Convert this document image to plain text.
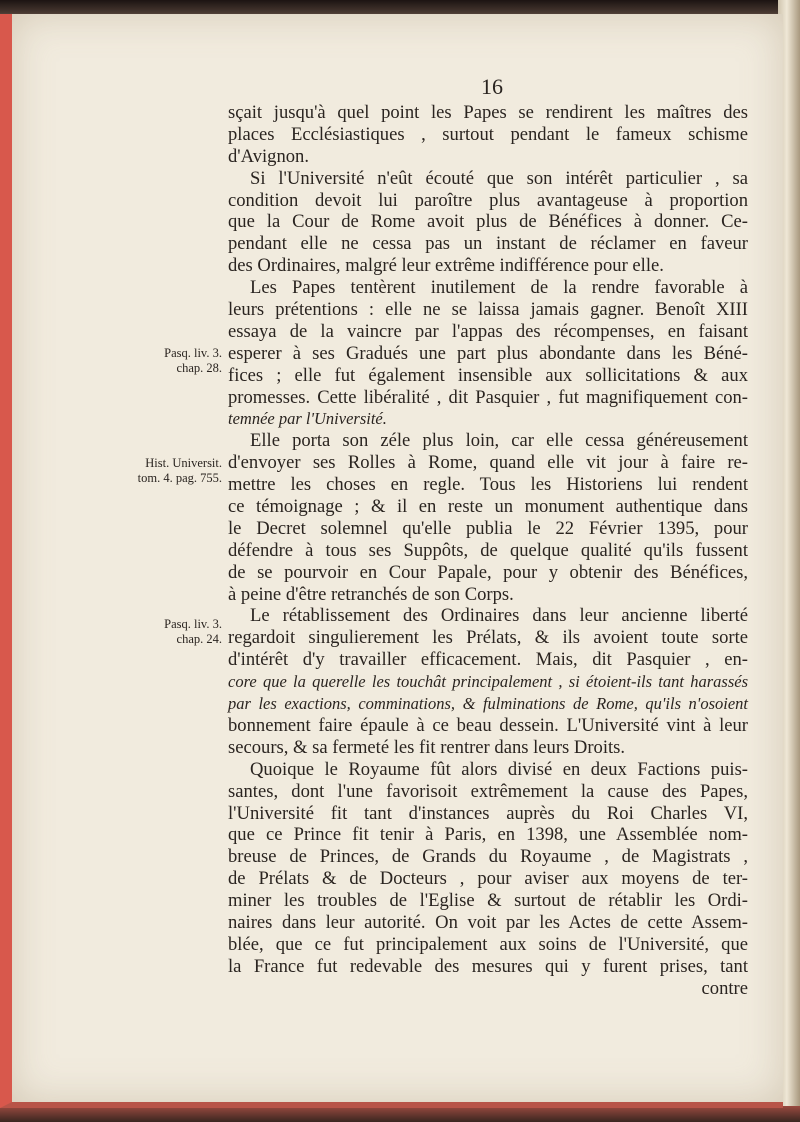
16
Pasq. liv. 3.
chap. 28.
Hist. Universit.
tom. 4. pag. 755.
Pasq. liv. 3.
chap. 24.
sçait jusqu'à quel point les Papes se rendirent les maîtres des
places Ecclésiastiques , surtout pendant le fameux schisme
d'Avignon.
Si l'Université n'eût écouté que son intérêt particulier , sa
condition devoit lui paroître plus avantageuse à proportion
que la Cour de Rome avoit plus de Bénéfices à donner. Ce-
pendant elle ne cessa pas un instant de réclamer en faveur
des Ordinaires, malgré leur extrême indifférence pour elle.
Les Papes tentèrent inutilement de la rendre favorable à
leurs prétentions : elle ne se laissa jamais gagner. Benoît XIII
essaya de la vaincre par l'appas des récompenses, en faisant
esperer à ses Gradués une part plus abondante dans les Béné-
fices ; elle fut également insensible aux sollicitations & aux
promesses. Cette libéralité , dit Pasquier , fut magnifiquement con-
temnée par l'Université.
Elle porta son zéle plus loin, car elle cessa généreusement
d'envoyer ses Rolles à Rome, quand elle vit jour à faire re-
mettre les choses en regle. Tous les Historiens lui rendent
ce témoignage ; & il en reste un monument authentique dans
le Decret solemnel qu'elle publia le 22 Février 1395, pour
défendre à tous ses Suppôts, de quelque qualité qu'ils fussent
de se pourvoir en Cour Papale, pour y obtenir des Bénéfices,
à peine d'être retranchés de son Corps.
Le rétablissement des Ordinaires dans leur ancienne liberté
regardoit singulierement les Prélats, & ils avoient toute sorte
d'intérêt d'y travailler efficacement. Mais, dit Pasquier , en-
core que la querelle les touchât principalement , si étoient-ils tant harassés
par les exactions, comminations, & fulminations de Rome, qu'ils n'osoient
bonnement faire épaule à ce beau dessein. L'Université vint à leur
secours, & sa fermeté les fit rentrer dans leurs Droits.
Quoique le Royaume fût alors divisé en deux Factions puis-
santes, dont l'une favorisoit extrêmement la cause des Papes,
l'Université fit tant d'instances auprès du Roi Charles VI,
que ce Prince fit tenir à Paris, en 1398, une Assemblée nom-
breuse de Princes, de Grands du Royaume , de Magistrats ,
de Prélats & de Docteurs , pour aviser aux moyens de ter-
miner les troubles de l'Eglise & surtout de rétablir les Ordi-
naires dans leur autorité. On voit par les Actes de cette Assem-
blée, que ce fut principalement aux soins de l'Université, que
la France fut redevable des mesures qui y furent prises, tant
contre
